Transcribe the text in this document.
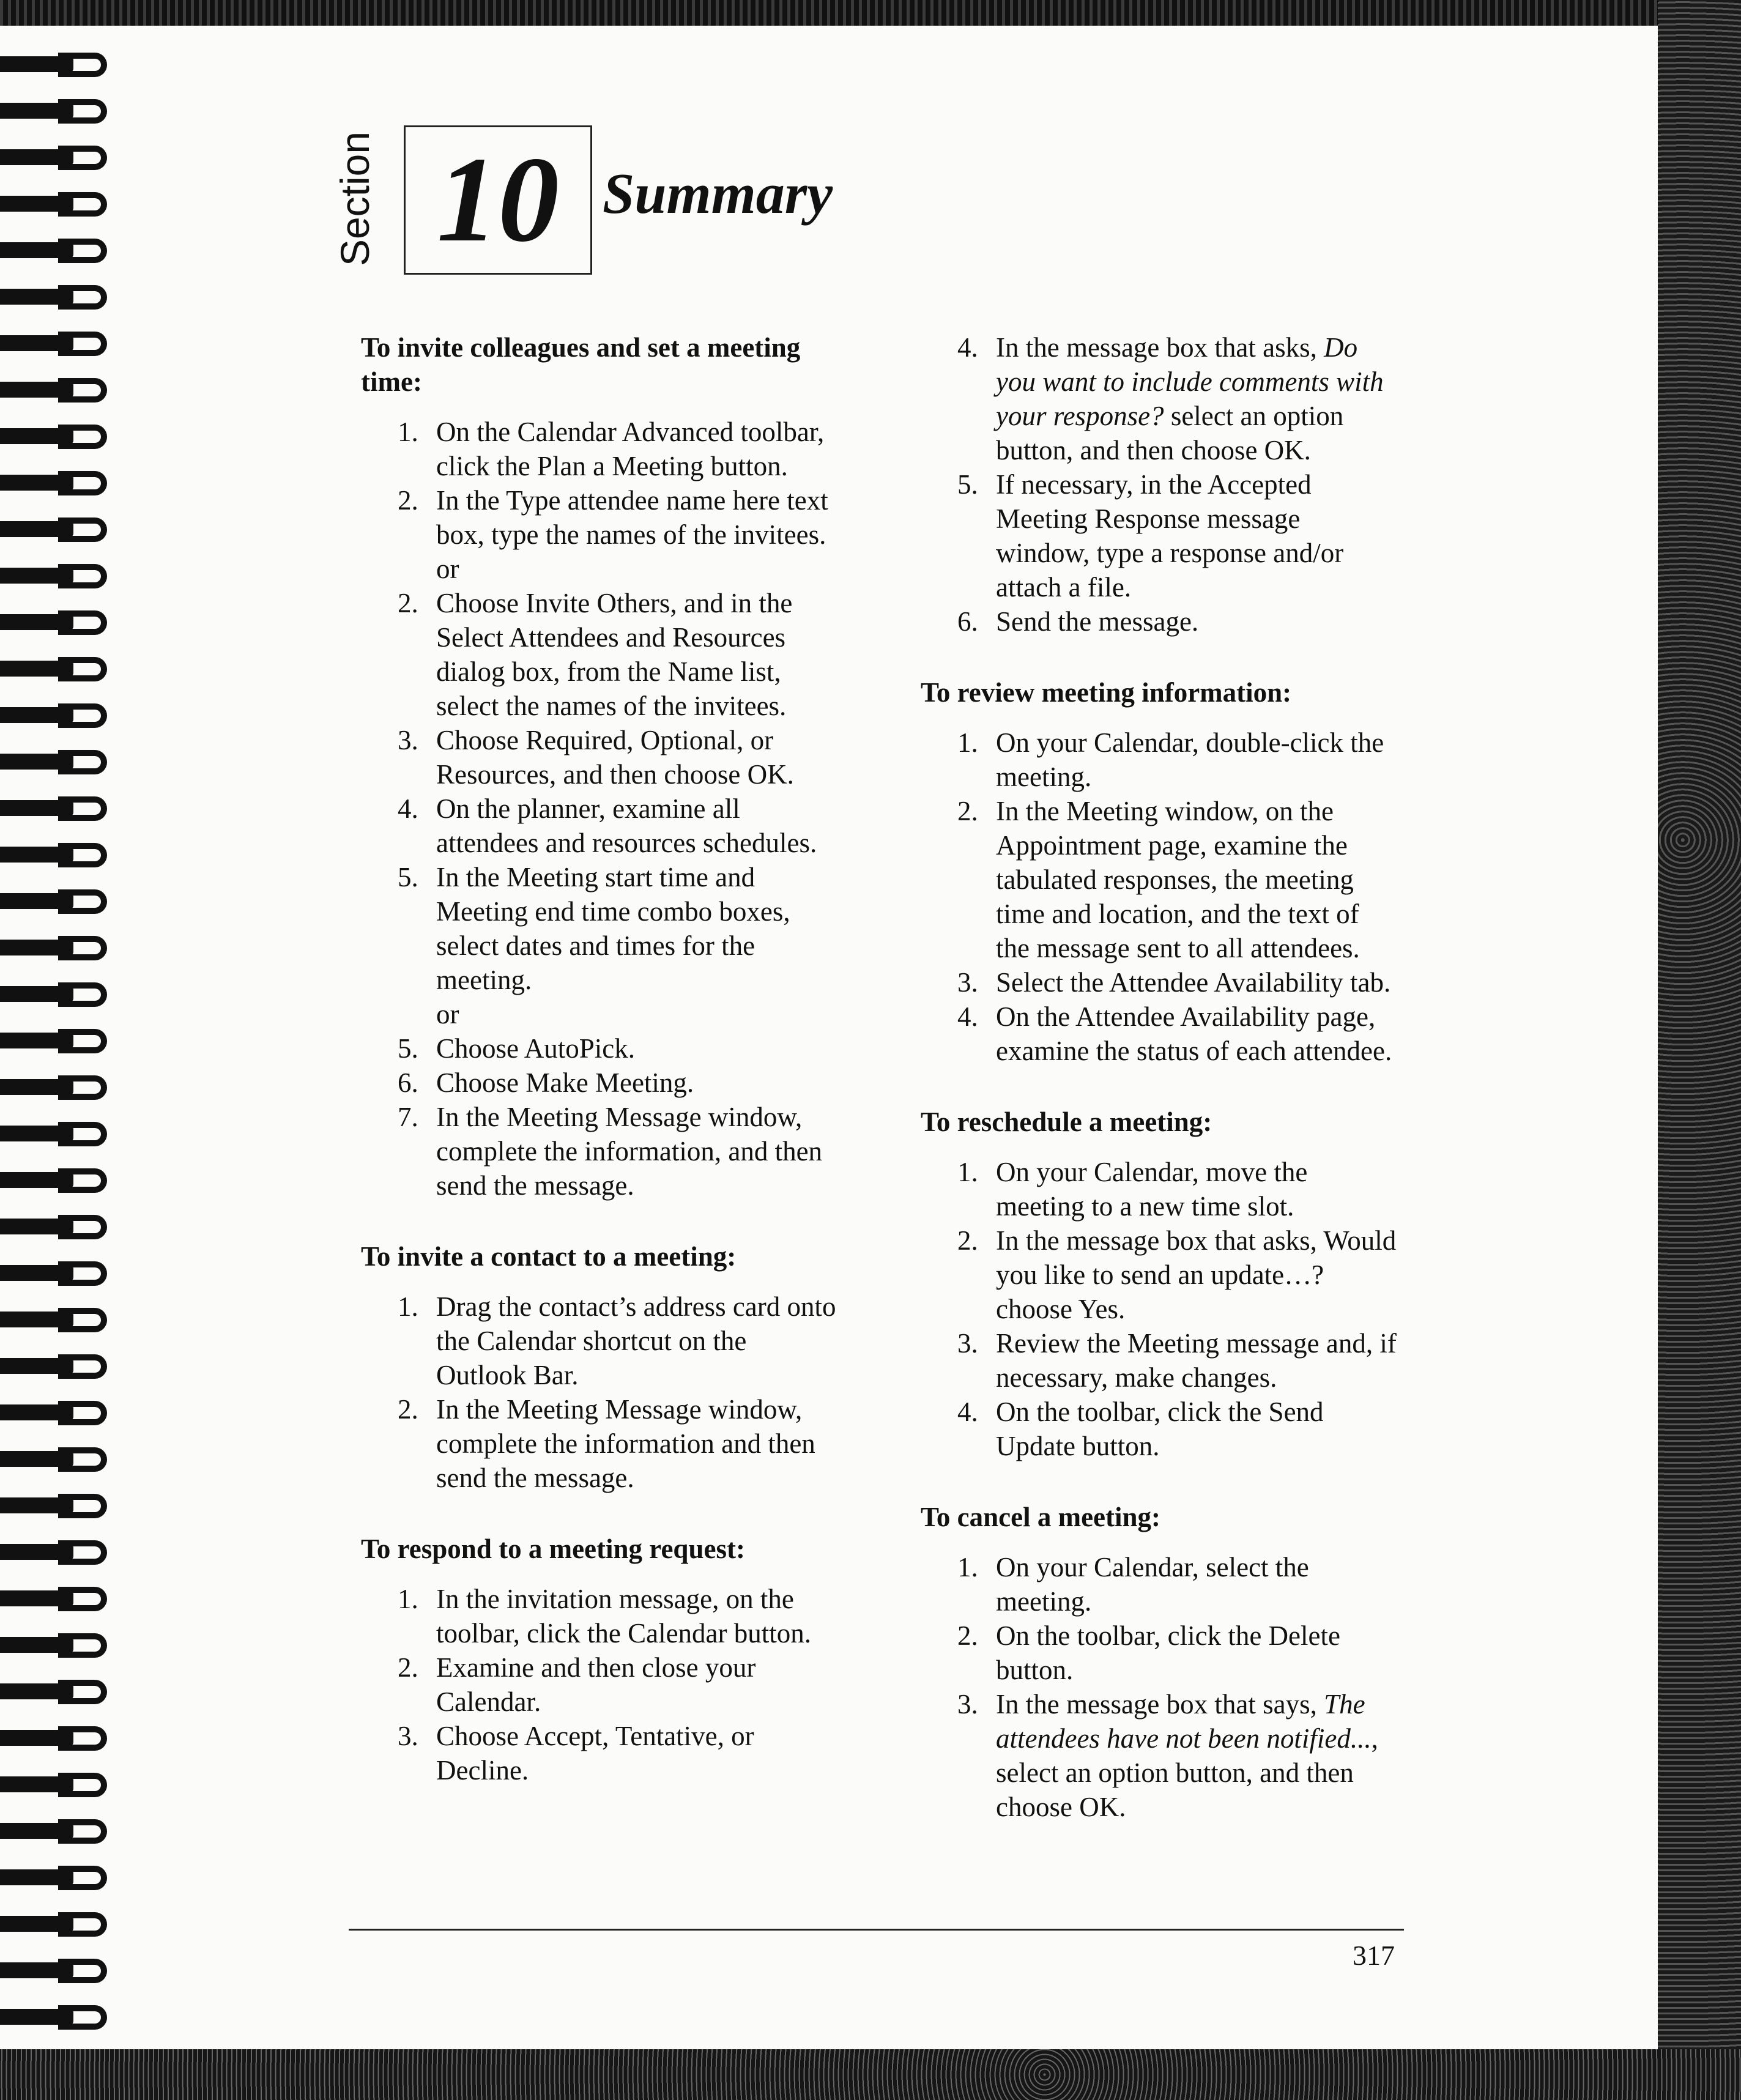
Section 10 Summary
To invite colleagues and set a meeting time:
1. On the Calendar Advanced toolbar, click the Plan a Meeting button.
2. In the Type attendee name here text box, type the names of the invitees.
or
2. Choose Invite Others, and in the Select Attendees and Resources dialog box, from the Name list, select the names of the invitees.
3. Choose Required, Optional, or Resources, and then choose OK.
4. On the planner, examine all attendees and resources schedules.
5. In the Meeting start time and Meeting end time combo boxes, select dates and times for the meeting.
or
5. Choose AutoPick.
6. Choose Make Meeting.
7. In the Meeting Message window, complete the information, and then send the message.
To invite a contact to a meeting:
1. Drag the contact’s address card onto the Calendar shortcut on the Outlook Bar.
2. In the Meeting Message window, complete the information and then send the message.
To respond to a meeting request:
1. In the invitation message, on the toolbar, click the Calendar button.
2. Examine and then close your Calendar.
3. Choose Accept, Tentative, or Decline.
4. In the message box that asks, Do you want to include comments with your response? select an option button, and then choose OK.
5. If necessary, in the Accepted Meeting Response message window, type a response and/or attach a file.
6. Send the message.
To review meeting information:
1. On your Calendar, double-click the meeting.
2. In the Meeting window, on the Appointment page, examine the tabulated responses, the meeting time and location, and the text of the message sent to all attendees.
3. Select the Attendee Availability tab.
4. On the Attendee Availability page, examine the status of each attendee.
To reschedule a meeting:
1. On your Calendar, move the meeting to a new time slot.
2. In the message box that asks, Would you like to send an update…? choose Yes.
3. Review the Meeting message and, if necessary, make changes.
4. On the toolbar, click the Send Update button.
To cancel a meeting:
1. On your Calendar, select the meeting.
2. On the toolbar, click the Delete button.
3. In the message box that says, The attendees have not been notified..., select an option button, and then choose OK.
317
